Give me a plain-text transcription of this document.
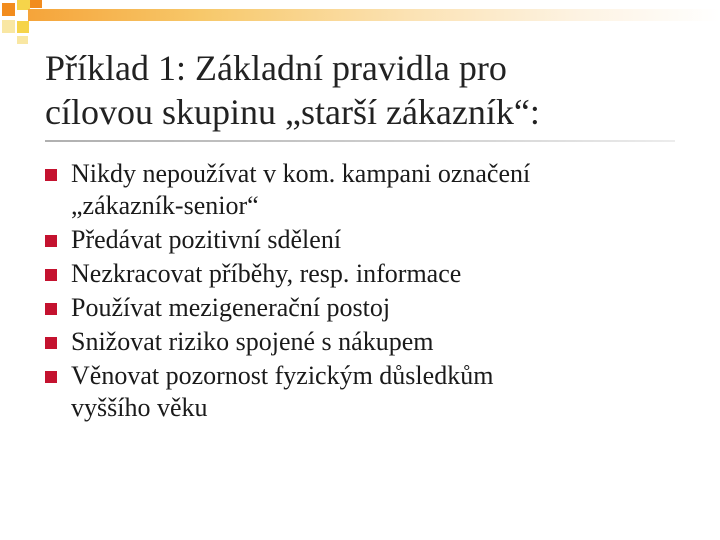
Příklad 1: Základní pravidla pro
cílovou skupinu „starší zákazník“:
Nikdy nepoužívat v kom. kampani označení
„zákazník-senior“
Předávat pozitivní sdělení
Nezkracovat příběhy, resp. informace
Používat mezigenerační postoj
Snižovat riziko spojené s nákupem
Věnovat pozornost fyzickým důsledkům
vyššího věku
